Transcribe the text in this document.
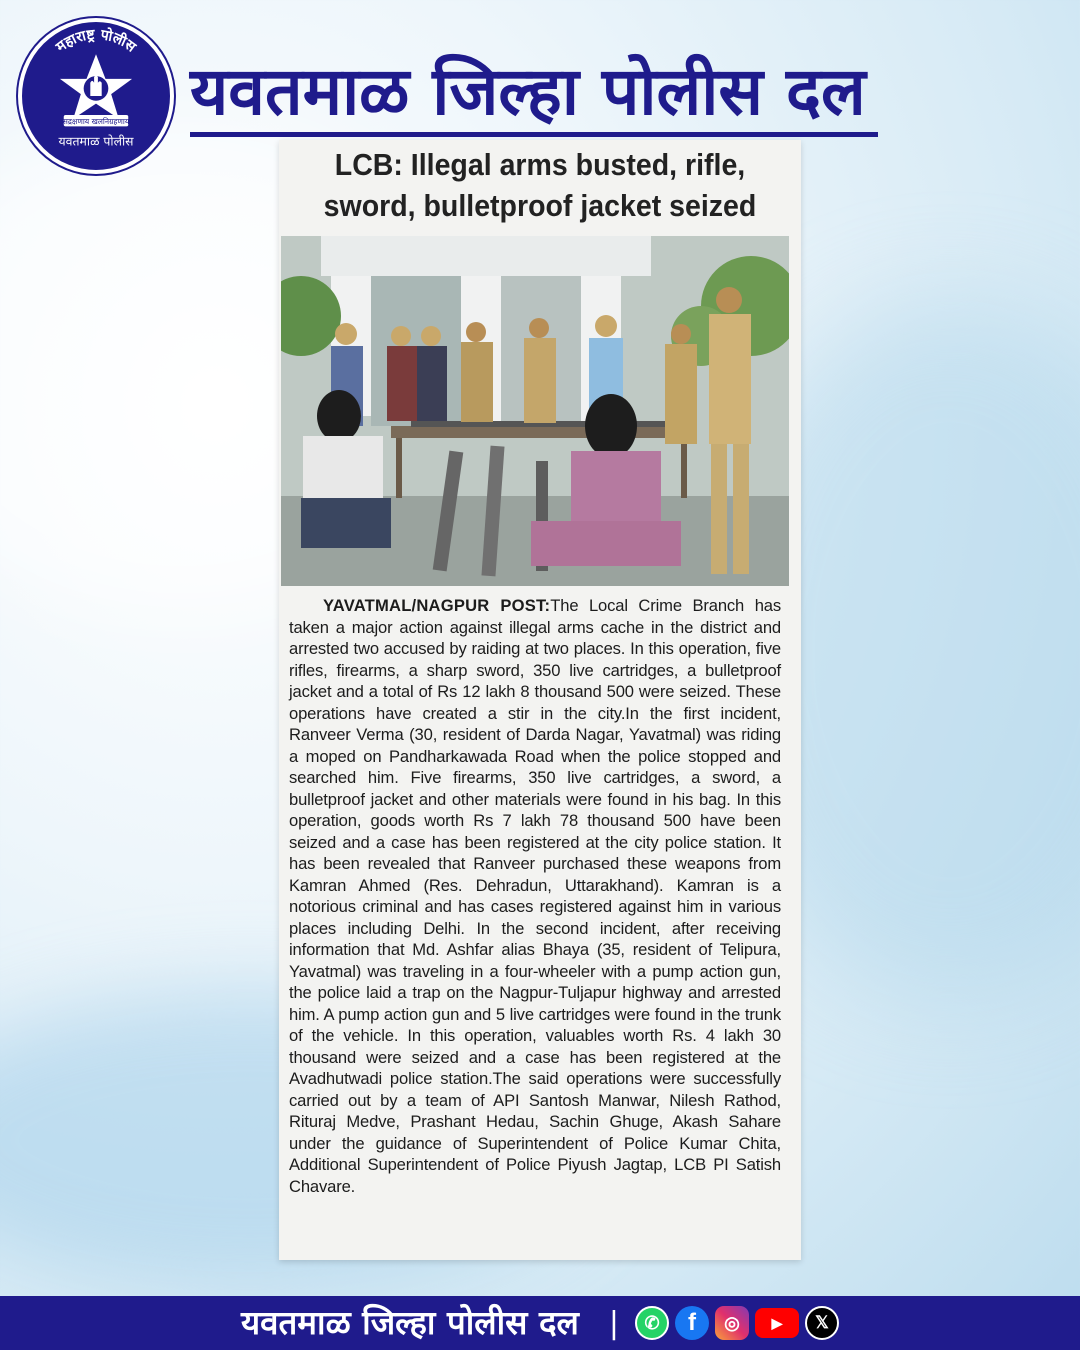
महाराष्ट्र पोलीस
सद्रक्षणाय खलनिग्रहणाय
यवतमाळ पोलीस
यवतमाळ जिल्हा पोलीस दल
LCB: Illegal arms busted, rifle,
sword, bulletproof jacket seized
YAVATMAL/NAGPUR POST:The Local Crime Branch has taken a major action against illegal arms cache in the district and arrested two accused by raiding at two places. In this operation, five rifles, firearms, a sharp sword, 350 live cartridges, a bulletproof jacket and a total of Rs 12 lakh 8 thousand 500 were seized. These operations have created a stir in the city.In the first incident, Ranveer Verma (30, resident of Darda Nagar, Yavatmal) was riding a moped on Pandharkawada Road when the police stopped and searched him. Five firearms, 350 live cartridges, a sword, a bulletproof jacket and other materials were found in his bag. In this operation, goods worth Rs 7 lakh 78 thousand 500 have been seized and a case has been registered at the city police station. It has been revealed that Ranveer purchased these weapons from Kamran Ahmed (Res. Dehradun, Uttarakhand). Kamran is a notorious criminal and has cases registered against him in various places including Delhi. In the second incident, after receiving information that Md. Ashfar alias Bhaya (35, resident of Telipura, Yavatmal) was traveling in a four-wheeler with a pump action gun, the police laid a trap on the Nagpur-Tuljapur highway and arrested him. A pump action gun and 5 live cartridges were found in the trunk of the vehicle. In this operation, valuables worth Rs. 4 lakh 30 thousand were seized and a case has been registered at the Avadhutwadi police station.The said operations were successfully carried out by a team of API Santosh Manwar, Nilesh Rathod, Rituraj Medve, Prashant Hedau, Sachin Ghuge, Akash Sahare under the guidance of Superintendent of Police Kumar Chita, Additional Superintendent of Police Piyush Jagtap, LCB PI Satish Chavare.
यवतमाळ जिल्हा पोलीस दल |	✆	f	◎	▶	𝕏
